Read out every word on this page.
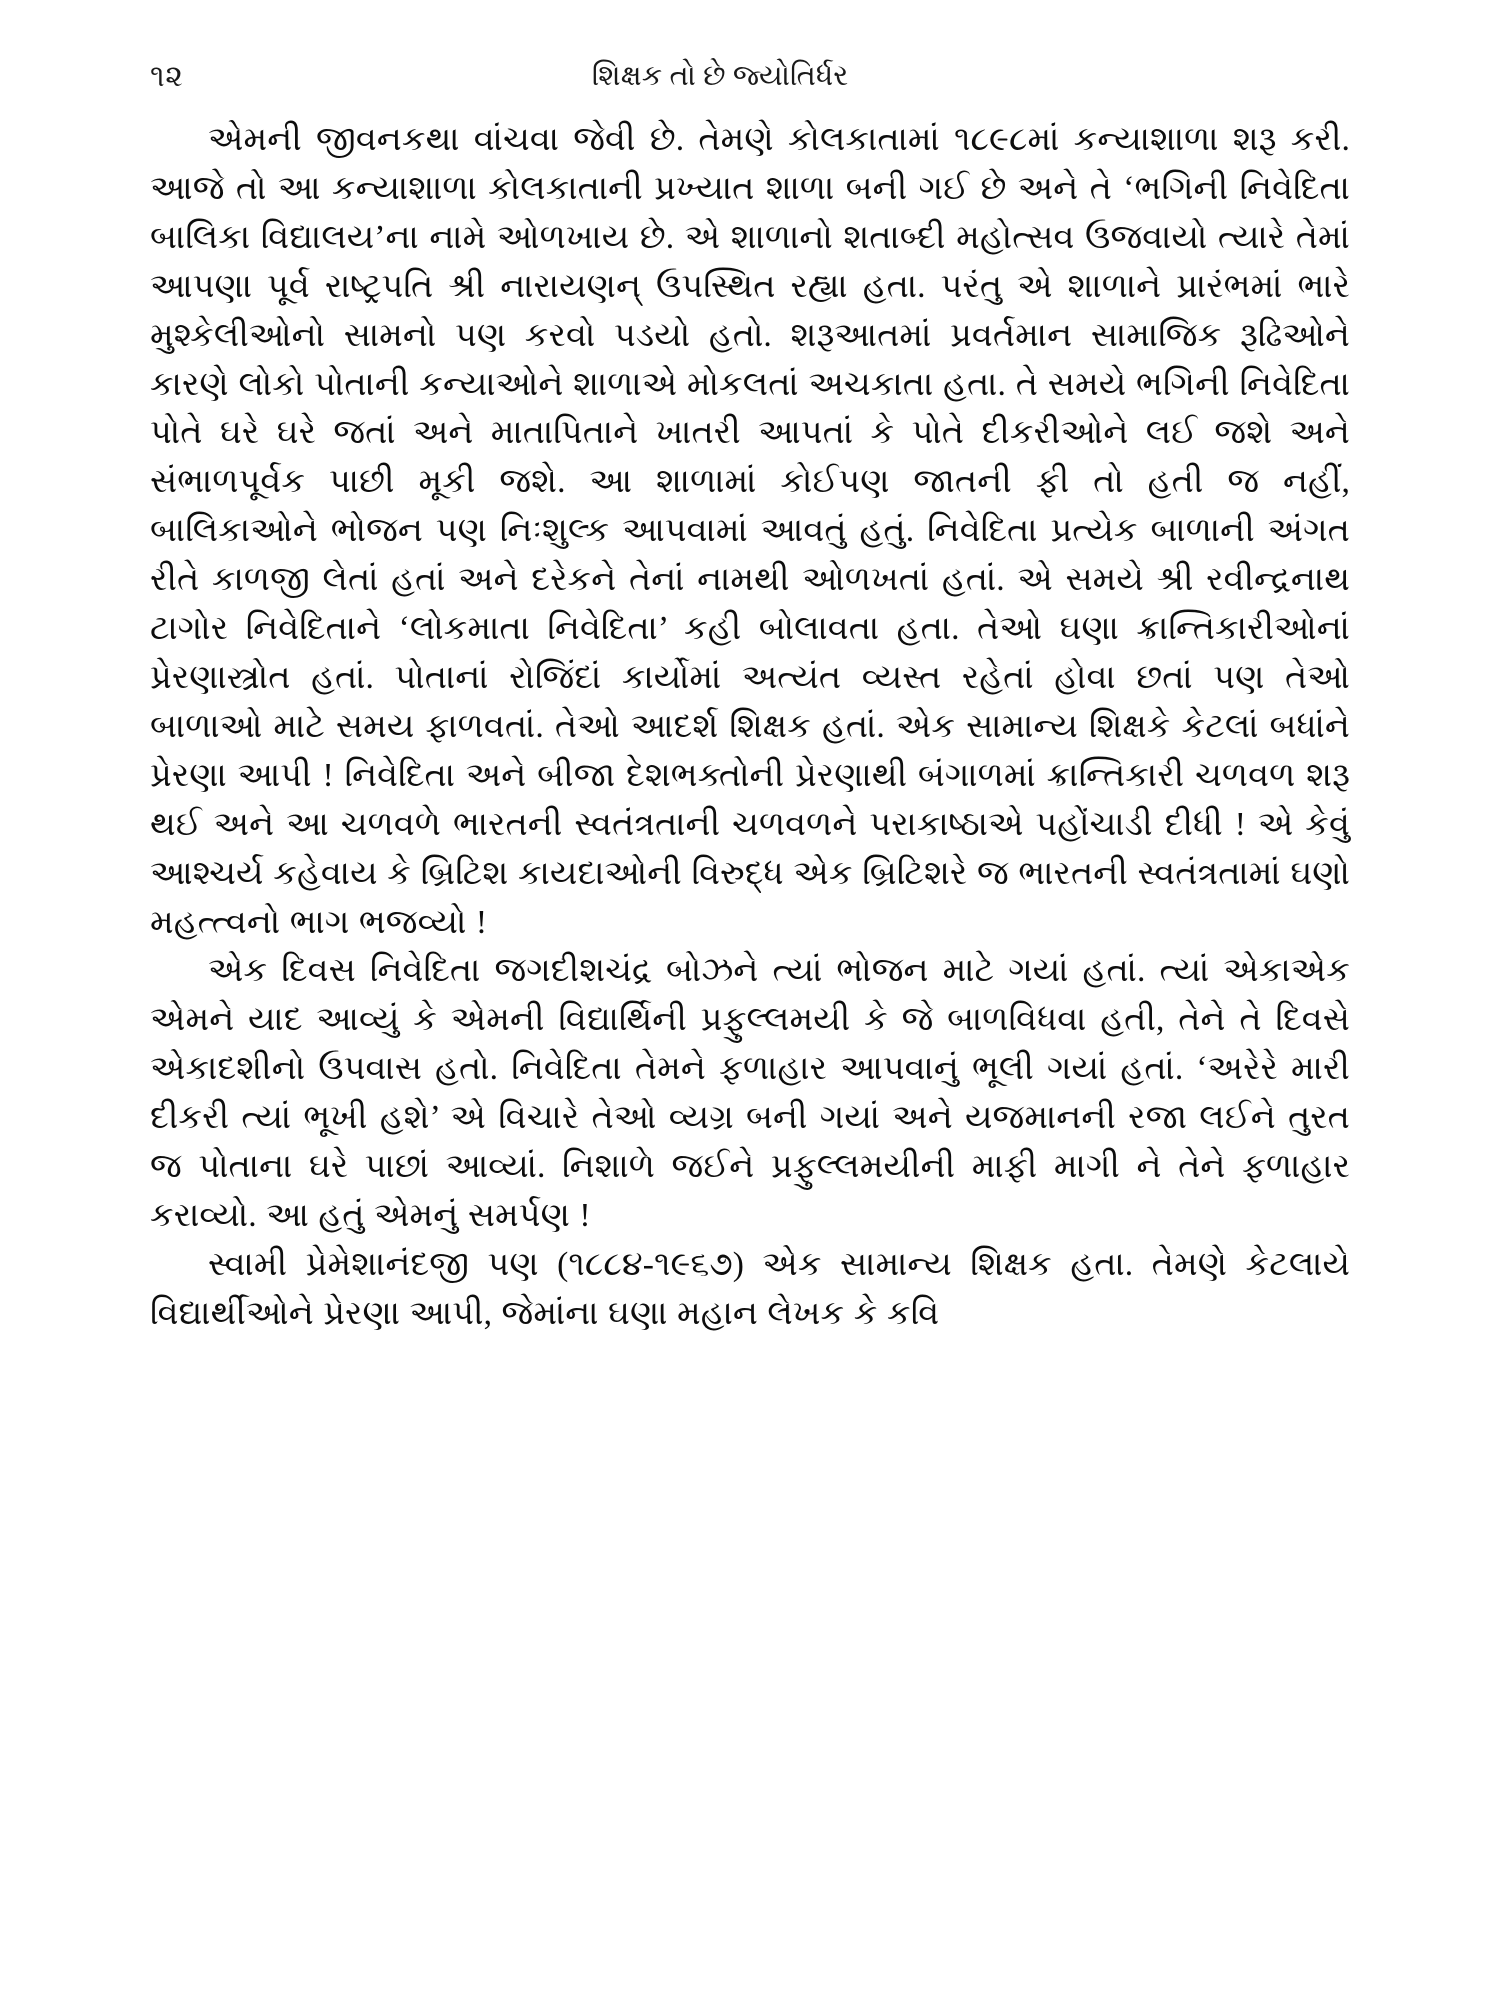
૧૨	શિક્ષક તો છે જ્યોતિર્ધર

એમની જીવનકથા વાંચવા જેવી છે. તેમણે કોલકાતામાં ૧૮૯૮માં કન્યાશાળા શરૂ કરી. આજે તો આ કન્યાશાળા કોલકાતાની પ્રખ્યાત શાળા બની ગઈ છે અને તે ‘ભગિની નિવેદિતા બાલિકા વિદ્યાલય’ના નામે ઓળખાય છે. એ શાળાનો શતાબ્દી મહોત્સવ ઉજવાયો ત્યારે તેમાં આપણા પૂર્વ રાષ્ટ્રપતિ શ્રી નારાયણન્ ઉપસ્થિત રહ્યા હતા. પરંતુ એ શાળાને પ્રારંભમાં ભારે મુશ્કેલીઓનો સામનો પણ કરવો પડયો હતો. શરૂઆતમાં પ્રવર્તમાન સામાજિક રૂઢિઓને કારણે લોકો પોતાની કન્યાઓને શાળાએ મોકલતાં અચકાતા હતા. તે સમયે ભગિની નિવેદિતા પોતે ઘરે ઘરે જતાં અને માતાપિતાને ખાતરી આપતાં કે પોતે દીકરીઓને લઈ જશે અને સંભાળપૂર્વક પાછી મૂકી જશે. આ શાળામાં કોઈપણ જાતની ફી તો હતી જ નહીં, બાલિકાઓને ભોજન પણ નિઃશુલ્ક આપવામાં આવતું હતું. નિવેદિતા પ્રત્યેક બાળાની અંગત રીતે કાળજી લેતાં હતાં અને દરેકને તેનાં નામથી ઓળખતાં હતાં. એ સમયે શ્રી રવીન્દ્રનાથ ટાગોર નિવેદિતાને ‘લોકમાતા નિવેદિતા’ કહી બોલાવતા હતા. તેઓ ઘણા ક્રાન્તિકારીઓનાં પ્રેરણાસ્ત્રોત હતાં. પોતાનાં રોજિંદાં કાર્યોમાં અત્યંત વ્યસ્ત રહેતાં હોવા છતાં પણ તેઓ બાળાઓ માટે સમય ફાળવતાં. તેઓ આદર્શ શિક્ષક હતાં. એક સામાન્ય શિક્ષકે કેટલાં બધાંને પ્રેરણા આપી ! નિવેદિતા અને બીજા દેશભક્તોની પ્રેરણાથી બંગાળમાં ક્રાન્તિકારી ચળવળ શરૂ થઈ અને આ ચળવળે ભારતની સ્વતંત્રતાની ચળવળને પરાકાષ્ઠાએ પહોંચાડી દીધી ! એ કેવું આશ્ચર્ય કહેવાય કે બ્રિટિશ કાયદાઓની વિરુદ્ધ એક બ્રિટિશરે જ ભારતની સ્વતંત્રતામાં ઘણો મહત્ત્વનો ભાગ ભજવ્યો !

એક દિવસ નિવેદિતા જગદીશચંદ્ર બોઝને ત્યાં ભોજન માટે ગયાં હતાં. ત્યાં એકાએક એમને યાદ આવ્યું કે એમની વિદ્યાર્થિની પ્રફુલ્લમયી કે જે બાળવિધવા હતી, તેને તે દિવસે એકાદશીનો ઉપવાસ હતો. નિવેદિતા તેમને ફળાહાર આપવાનું ભૂલી ગયાં હતાં. ‘અરેરે મારી દીકરી ત્યાં ભૂખી હશે’ એ વિચારે તેઓ વ્યગ્ર બની ગયાં અને યજમાનની રજા લઈને તુરત જ પોતાના ઘરે પાછાં આવ્યાં. નિશાળે જઈને પ્રફુલ્લમયીની માફી માગી ને તેને ફળાહાર કરાવ્યો. આ હતું એમનું સમર્પણ !

સ્વામી પ્રેમેશાનંદજી પણ (૧૮૮૪-૧૯૬૭) એક સામાન્ય શિક્ષક હતા. તેમણે કેટલાયે વિદ્યાર્થીઓને પ્રેરણા આપી, જેમાંના ઘણા મહાન લેખક કે કવિ
